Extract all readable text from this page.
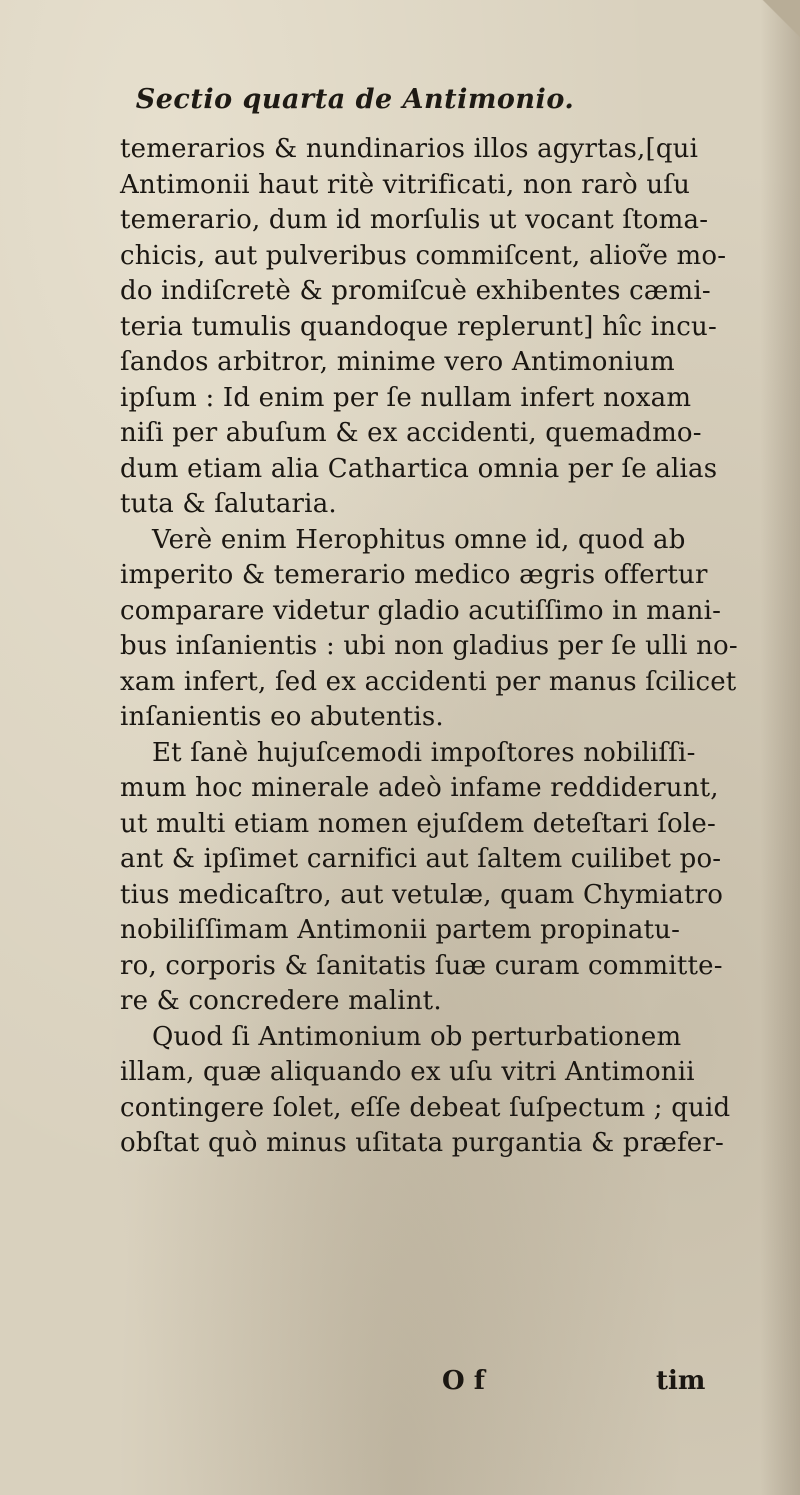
Sectio quarta de Antimonio.
temerarios & nundinarios illos agyrtas,[qui
Antimonii haut ritè vitrificati, non rarò uſu
temerario, dum id morſulis ut vocant ſtoma-
chicis, aut pulveribus commiſcent, alioṽe mo-
do indiſcretè & promiſcuè exhibentes cæmi-
teria tumulis quandoque replerunt] hîc incu-
ſandos arbitror, minime vero Antimonium
ipſum : Id enim per ſe nullam infert noxam
niſi per abuſum & ex accidenti, quemadmo-
dum etiam alia Cathartica omnia per ſe alias
tuta & ſalutaria.
Verè enim Herophitus omne id, quod ab
imperito & temerario medico ægris offertur
comparare videtur gladio acutiſſimo in mani-
bus inſanientis : ubi non gladius per ſe ulli no-
xam infert, ſed ex accidenti per manus ſcilicet
inſanientis eo abutentis.
Et ſanè hujuſcemodi impoſtores nobiliſſi-
mum hoc minerale adeò infame reddiderunt,
ut multi etiam nomen ejuſdem deteſtari ſole-
ant & ipſimet carnifici aut ſaltem cuilibet po-
tius medicaſtro, aut vetulæ, quam Chymiatro
nobiliſſimam Antimonii partem propinatu-
ro, corporis & ſanitatis ſuæ curam committe-
re & concredere malint.
Quod ſi Antimonium ob perturbationem
illam, quæ aliquando ex uſu vitri Antimonii
contingere ſolet, eſſe debeat ſuſpectum ; quid
obſtat quò minus uſitata purgantia & præfer-
O f	tim
